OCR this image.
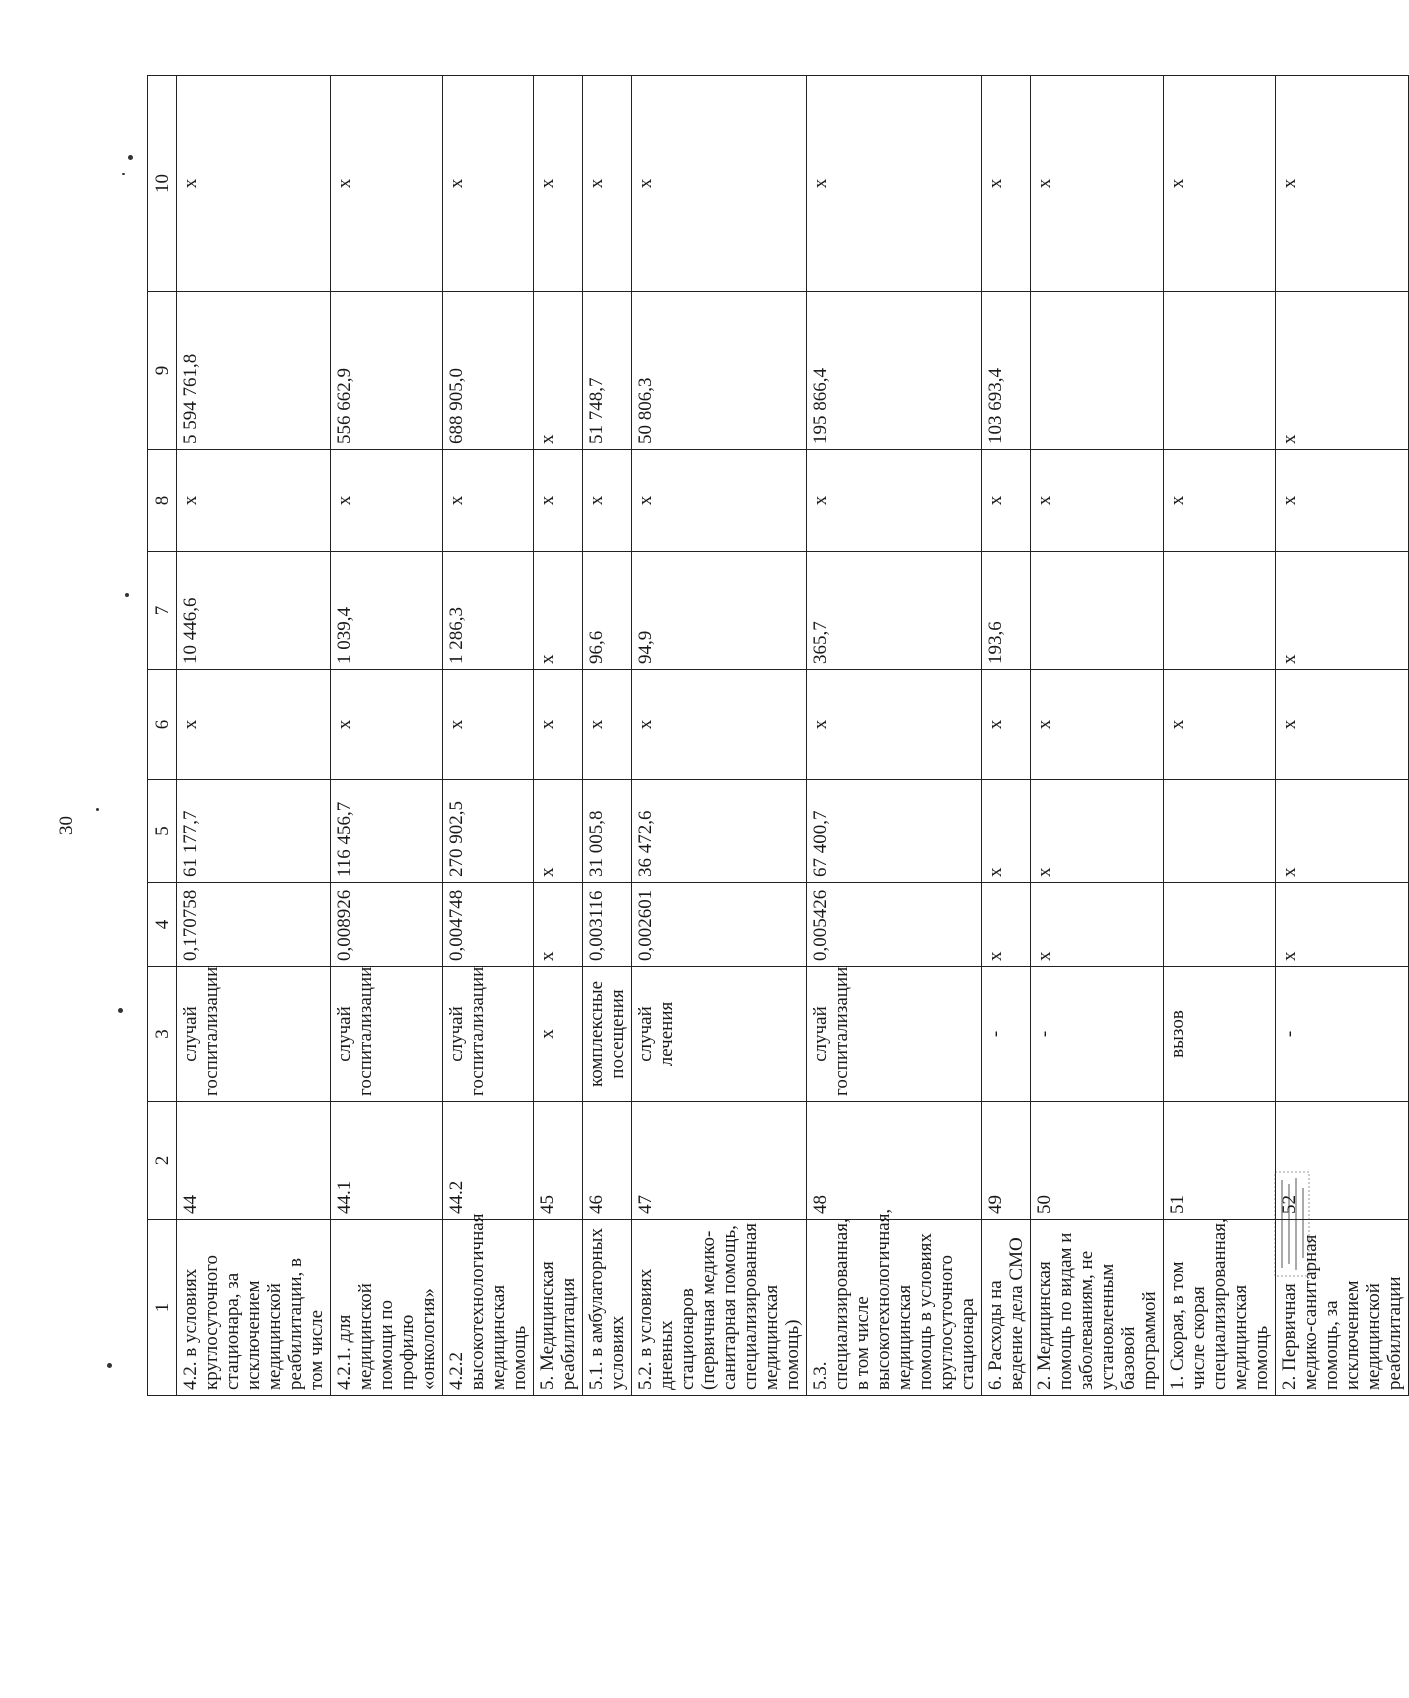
30
1	2	3	4	5	6	7	8	9	10
4.2. в условиях круглосуточного стационара, за исключением медицинской реабилитации, в том числе	44	случай госпитализации	0,170758	61 177,7	х	10 446,6	х	5 594 761,8	х
4.2.1. для медицинской помощи по профилю «онкология»	44.1	случай госпитализации	0,008926	116 456,7	х	1 039,4	х	556 662,9	х
4.2.2 высокотехнологичная медицинская помощь	44.2	случай госпитализации	0,004748	270 902,5	х	1 286,3	х	688 905,0	х
5. Медицинская реабилитация	45	х	х	х	х	х	х	х	х
5.1. в амбулаторных условиях	46	комплексные посещения	0,003116	31 005,8	х	96,6	х	51 748,7	х
5.2. в условиях дневных стационаров (первичная медико-санитарная помощь, специализированная медицинская помощь)	47	случай лечения	0,002601	36 472,6	х	94,9	х	50 806,3	х
5.3. специализированная, в том числе высокотехнологичная, медицинская помощь в условиях круглосуточного стационара	48	случай госпитализации	0,005426	67 400,7	х	365,7	х	195 866,4	х
6. Расходы на ведение дела СМО	49	-	х	х	х	193,6	х	103 693,4	х
2. Медицинская помощь по видам и заболеваниям, не установленным базовой программой	50	-	х	х	х		х		х
1. Скорая, в том числе скорая специализированная, медицинская помощь	51	вызов			х		х		х
2. Первичная медико-санитарная помощь, за исключением медицинской реабилитации	52	-	х	х	х	х	х	х	х
